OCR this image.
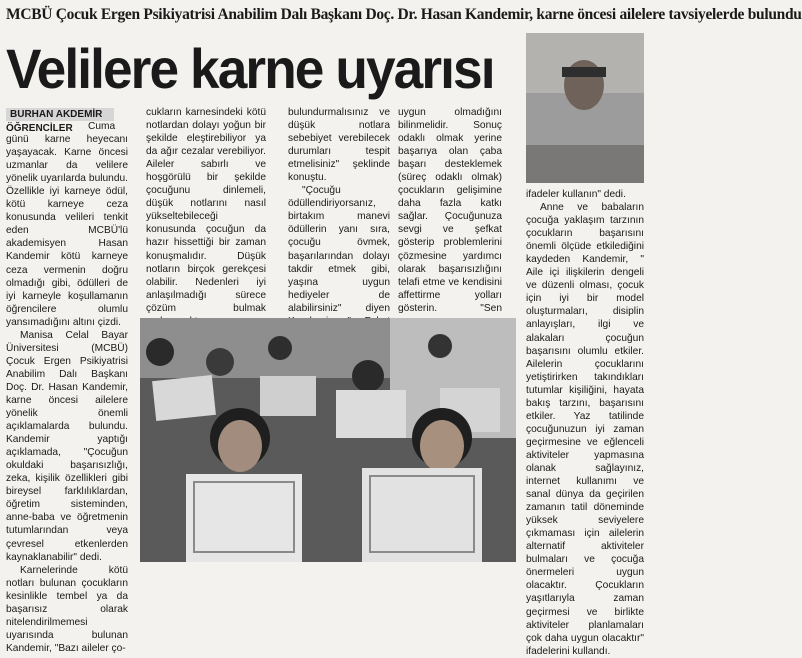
MCBÜ Çocuk Ergen Psikiyatrisi Anabilim Dalı Başkanı Doç. Dr. Hasan Kandemir, karne öncesi ailelere tavsiyelerde bulundu
Velilere karne uyarısı
BURHAN AKDEMİR
ÖĞRENCİLER	Cuma günü karne heyecanı yaşayacak. Karne öncesi uzmanlar da velilere yönelik uyarılarda bulundu. Özellikle iyi karneye ödül, kötü karneye ceza konusunda velileri tenkit eden MCBÜ'lü akademisyen Hasan Kandemir kötü karneye ceza vermenin doğru olmadığı gibi, ödülleri de iyi karneyle koşullamanın öğrencilere olumlu yansımadığını altını çizdi.

Manisa Celal Bayar Üniversitesi (MCBÜ) Çocuk Ergen Psikiyatrisi Anabilim Dalı Başkanı Doç. Dr. Hasan Kandemir, karne öncesi ailelere yönelik önemli açıklamalarda bulundu. Kandemir yaptığı açıklamada, "Çocuğun okuldaki başarısızlığı, zeka, kişilik özellikleri gibi bireysel farklılıklardan, öğretim sisteminden, anne-baba ve öğretmenin tutumlarından veya çevresel etkenlerden kaynaklanabilir" dedi.

Karnelerinde kötü notları bulunan çocukların kesinlikle tembel ya da başarısız olarak nitelendirilmemesi uyarısında bulunan Kandemir, "Bazı aileler ço-

cukların karnesindeki kötü notlardan dolayı yoğun bir şekilde eleştirebiliyor ya da ağır cezalar verebiliyor. Aileler sabırlı ve hoşgörülü bir şekilde çocuğunu dinlemeli, düşük notlarını nasıl yükseltebileceği konusunda çocuğun da hazır hissettiği bir zaman konuşmalıdır. Düşük notların birçok gerekçesi olabilir. Nedenleri iyi anlaşılmadığı sürece çözüm bulmak

bulundurmalısınız ve düşük notlara sebebiyet verebilecek durumları tespit etmelisiniz" şeklinde konuştu.

"Çocuğu ödüllendiriyorsanız, birtakım manevi ödüllerin yanı sıra, çocuğu övmek, başarılarından dolayı takdir etmek gibi, yaşına uygun hediyeler de alabilirsiniz" diyen

uygun olmadığını bilinmelidir. Sonuç odaklı olmak yerine başarıya olan çaba başarı desteklemek (süreç odaklı olmak) çocukların gelişimine daha fazla katkı sağlar. Çocuğunuza sevgi ve şefkat gösterip problemlerini çözmesine yardımcı olarak başarısızlığını telafi etme ve kendisini affettirme yolları gösterin. "Sen

ifadeler kullanın" dedi.

Anne ve babaların çocuğa yaklaşım tarzının çocukların başarısını önemli ölçüde etkilediğini kaydeden Kandemir, " Aile içi ilişkilerin dengeli ve düzenli olması, çocuk için iyi bir model oluşturmaları, disiplin anlayışları, ilgi ve alakaları çocuğun başarısını olumlu etkiler. Ailelerin çocuklarını yetiştirirken takındıkları tutumlar kişiliğini, hayata bakış tarzını, başarısını etkiler. Yaz tatilinde çocuğunuzun iyi zaman geçirmesine ve eğlenceli aktiviteler yapmasına olanak sağlayınız, internet kullanımı ve sanal dünya da geçirilen zamanın tatil döneminde yüksek seviyelere çıkmaması için ailelerin alternatif aktiviteler bulmaları ve çocuğa önermeleri uygun olacaktır. Çocukların yaşıtlarıyla zaman geçirmesi ve birlikte aktiviteler planlamaları çok daha uygun olacaktır" ifadelerini kullandı.
